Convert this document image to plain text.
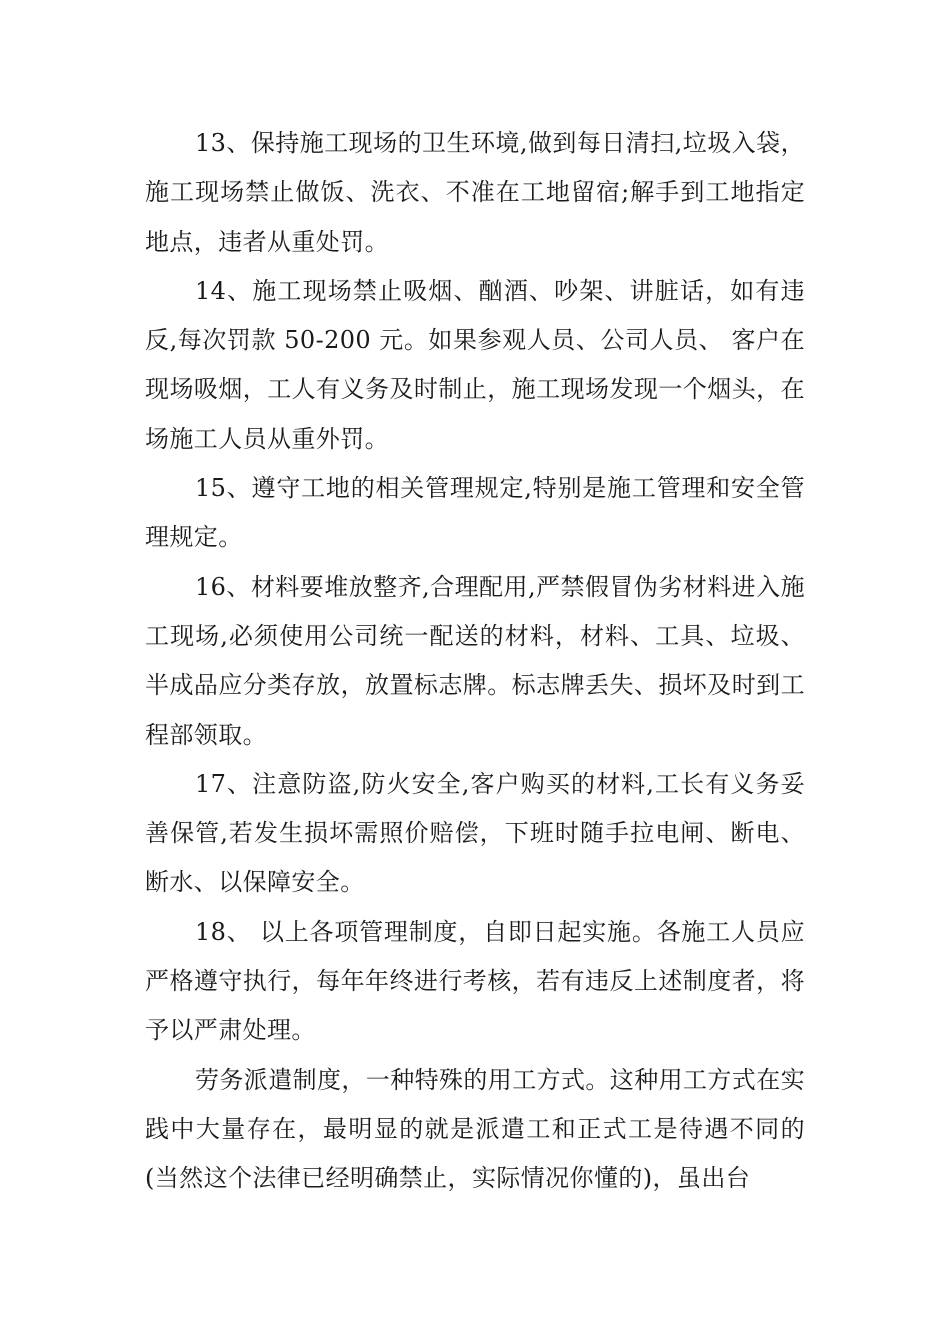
13、保持施工现场的卫生环境,做到每日清扫,垃圾入袋，施工现场禁止做饭、洗衣、不准在工地留宿;解手到工地指定地点，违者从重处罚。

14、施工现场禁止吸烟、酗酒、吵架、讲脏话，如有违反,每次罚款 50-200 元。如果参观人员、公司人员、 客户在现场吸烟，工人有义务及时制止，施工现场发现一个烟头，在场施工人员从重外罚。

15、遵守工地的相关管理规定,特别是施工管理和安全管理规定。

16、材料要堆放整齐,合理配用,严禁假冒伪劣材料进入施工现场,必须使用公司统一配送的材料，材料、工具、垃圾、半成品应分类存放，放置标志牌。标志牌丢失、损坏及时到工程部领取。

17、注意防盗,防火安全,客户购买的材料,工长有义务妥善保管,若发生损坏需照价赔偿，下班时随手拉电闸、断电、断水、以保障安全。

18、 以上各项管理制度，自即日起实施。各施工人员应严格遵守执行，每年年终进行考核，若有违反上述制度者，将予以严肃处理。

劳务派遣制度，一种特殊的用工方式。这种用工方式在实践中大量存在，最明显的就是派遣工和正式工是待遇不同的(当然这个法律已经明确禁止，实际情况你懂的)，虽出台
